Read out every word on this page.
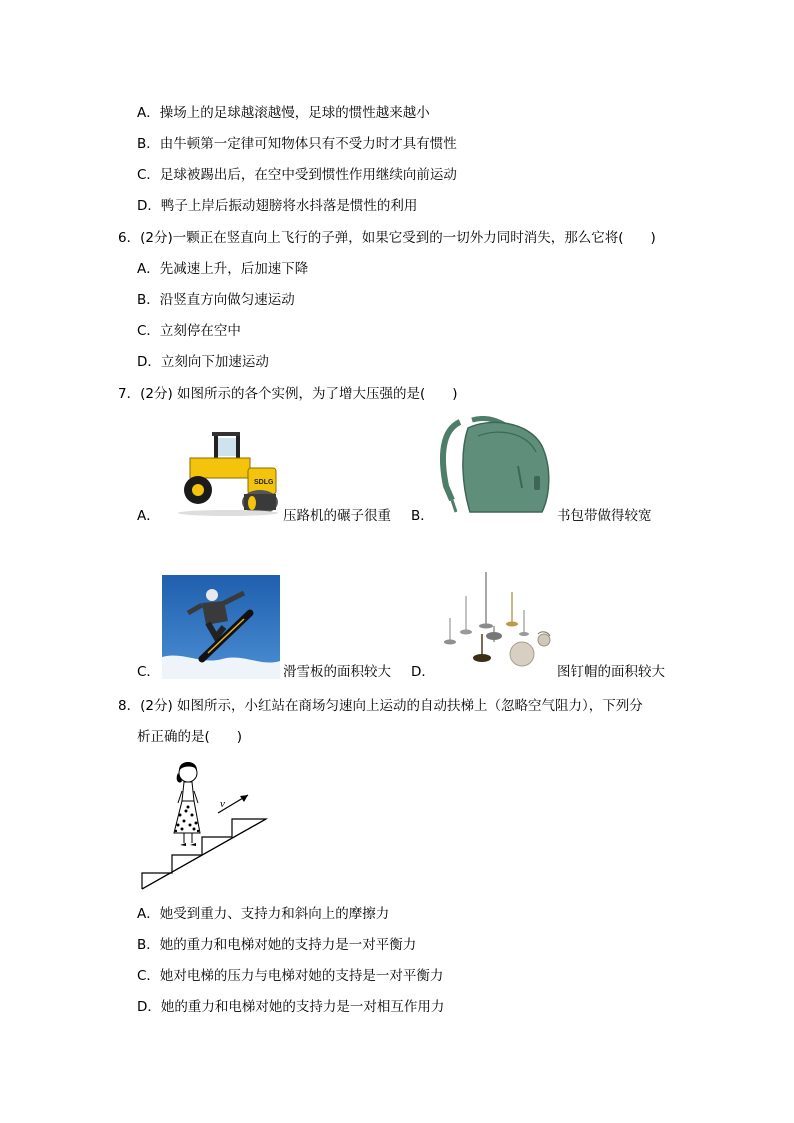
A．操场上的足球越滚越慢，足球的惯性越来越小
B．由牛顿第一定律可知物体只有不受力时才具有惯性
C．足球被踢出后，在空中受到惯性作用继续向前运动
D．鸭子上岸后振动翅膀将水抖落是惯性的利用
6．(2分)一颗正在竖直向上飞行的子弹，如果它受到的一切外力同时消失，那么它将(　　)
A．先减速上升，后加速下降
B．沿竖直方向做匀速运动
C．立刻停在空中
D．立刻向下加速运动
7．(2分) 如图所示的各个实例，为了增大压强的是(　　)
A．
SDLG
压路机的碾子很重 B．	书包带做得较宽
C．	滑雪板的面积较大 D．	图钉帽的面积较大
8．(2分) 如图所示，小红站在商场匀速向上运动的自动扶梯上（忽略空气阻力），下列分
析正确的是(　　)
v
A．她受到重力、支持力和斜向上的摩擦力
B．她的重力和电梯对她的支持力是一对平衡力
C．她对电梯的压力与电梯对她的支持是一对平衡力
D．她的重力和电梯对她的支持力是一对相互作用力
